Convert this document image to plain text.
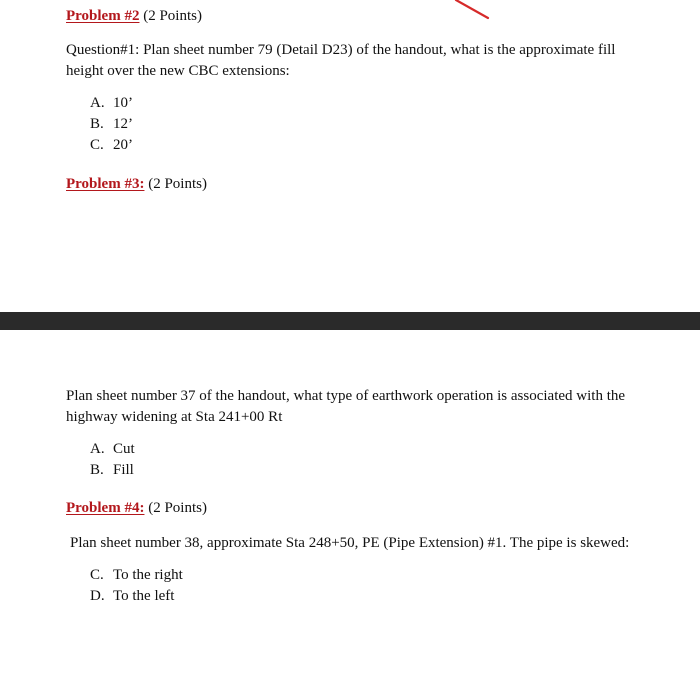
Problem #2 (2 Points)
Question#1: Plan sheet number 79 (Detail D23) of the handout, what is the approximate fill height over the new CBC extensions:
A. 10’
B. 12’
C. 20’
Problem #3: (2 Points)
Plan sheet number 37 of the handout, what type of earthwork operation is associated with the highway widening at Sta 241+00 Rt
A. Cut
B. Fill
Problem #4: (2 Points)
Plan sheet number 38, approximate Sta 248+50, PE (Pipe Extension) #1. The pipe is skewed:
C. To the right
D. To the left
